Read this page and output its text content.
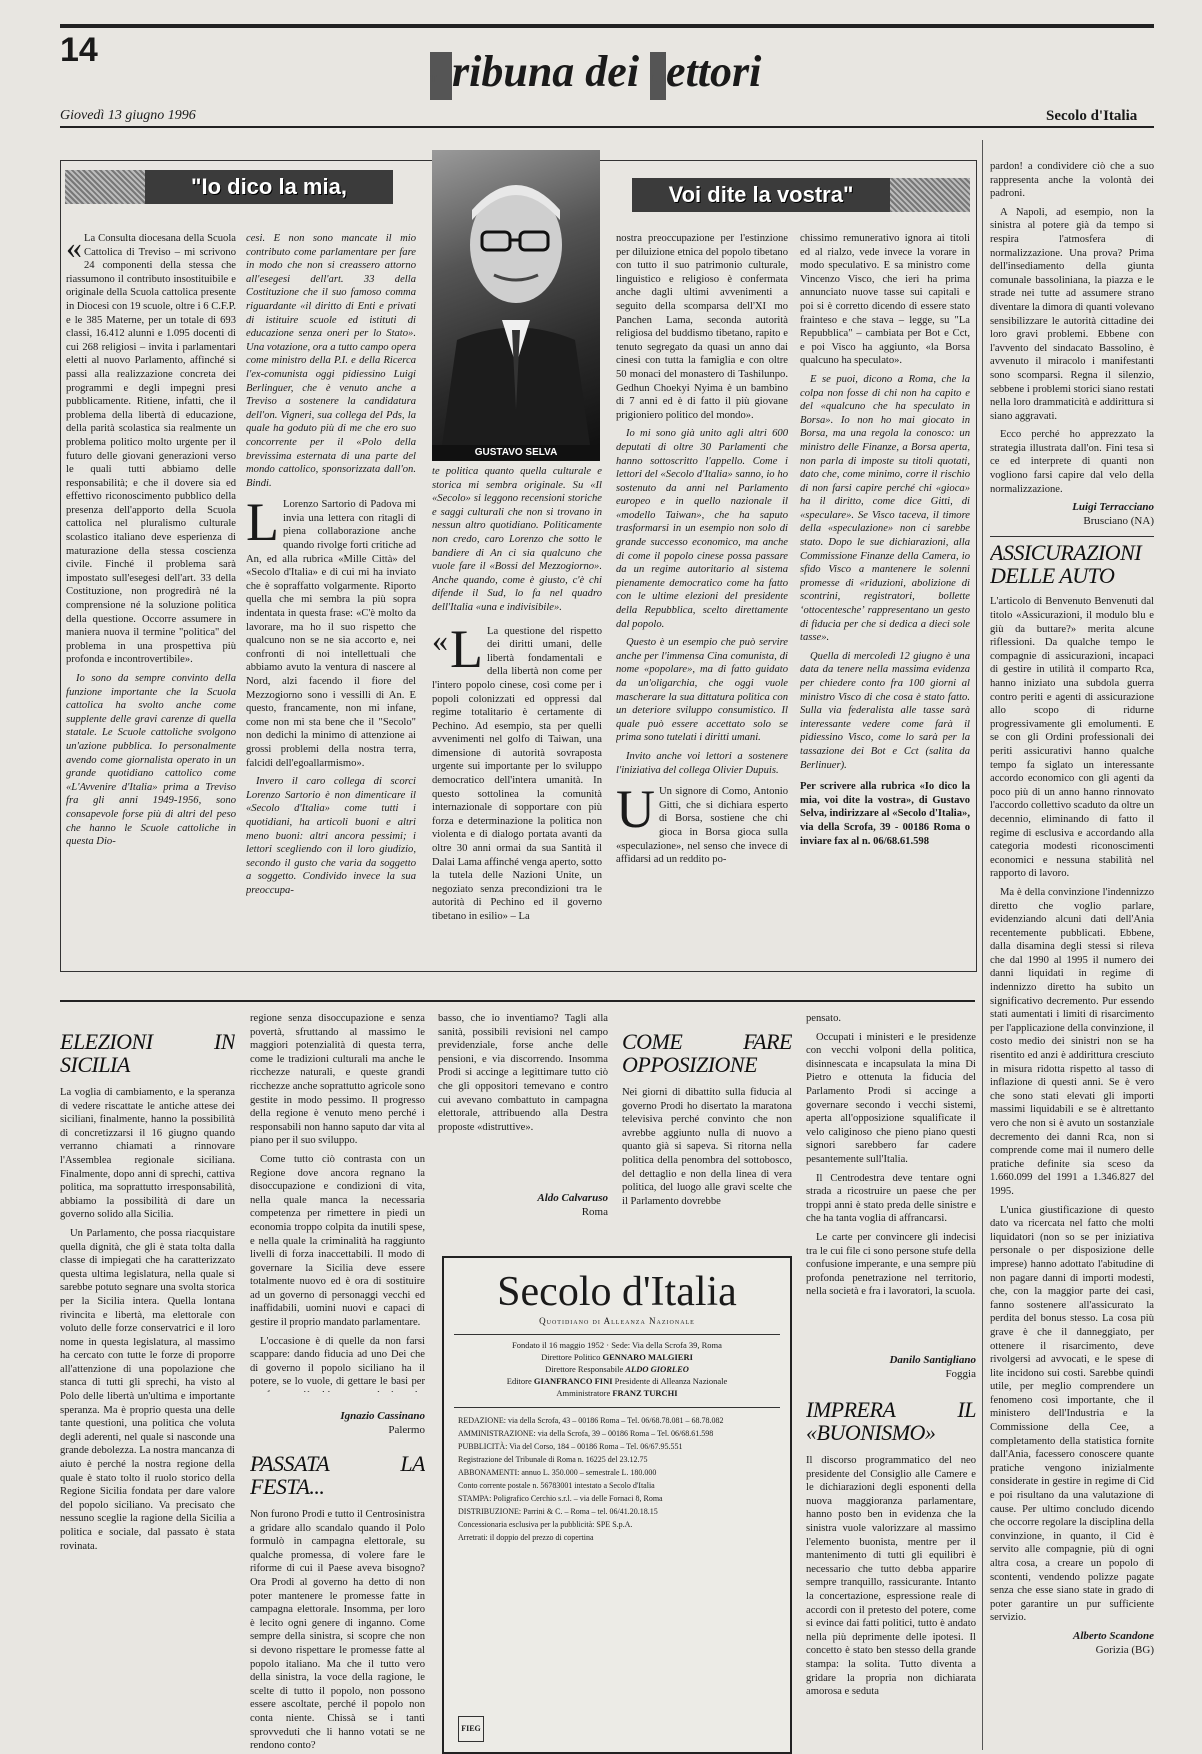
14
T ribuna dei L ettori
Giovedì 13 giugno 1996	Secolo d'Italia
"Io dico la mia,
GUSTAVO SELVA
Voi dite la vostra"

« La Consulta diocesana della Scuola Cattolica di Treviso – mi scrivono 24 componenti della stessa che riassumono il contributo insostituibile e originale della Scuola cattolica presente in Diocesi con 19 scuole, oltre i 6 C.F.P. e le 385 Materne, per un totale di 693 classi, 16.412 alunni e 1.095 docenti di cui 268 religiosi – invita i parlamentari eletti al nuovo Parlamento, affinché si passi alla realizzazione concreta dei programmi e degli impegni presi pubblicamente. Ritiene, infatti, che il problema della libertà di educazione, della parità scolastica sia realmente un problema politico molto urgente per il futuro delle giovani generazioni verso le quali tutti abbiamo delle responsabilità; e che il dovere sia ed effettivo riconoscimento pubblico della presenza dell'apporto della Scuola cattolica nel pluralismo culturale scolastico italiano deve esperienza di maturazione della stessa coscienza civile. Finché il problema sarà impostato sull'esegesi dell'art. 33 della Costituzione, non progredirà né la comprensione né la soluzione politica della questione. Occorre assumere in maniera nuova il termine "politica" del problema in una prospettiva più profonda e incontrovertibile».

Io sono da sempre convinto della funzione importante che la Scuola cattolica ha svolto anche come supplente delle gravi carenze di quella statale. Le Scuole cattoliche svolgono un'azione pubblica. Io personalmente avendo come giornalista operato in un grande quotidiano cattolico come «L'Avvenire d'Italia» prima a Treviso fra gli anni 1949-1956, sono consapevole forse più di altri del peso che hanno le Scuole cattoliche in questa Dio-

cesi. E non sono mancate il mio contributo come parlamentare per fare in modo che non si creassero attorno all'esegesi dell'art. 33 della Costituzione che il suo famoso comma riguardante «il diritto di Enti e privati di istituire scuole ed istituti di educazione senza oneri per lo Stato». Una votazione, ora a tutto campo opera come ministro della P.I. e della Ricerca l'ex-comunista oggi pidiessino Luigi Berlinguer, che è venuto anche a Treviso a sostenere la candidatura dell'on. Vigneri, sua collega del Pds, la quale ha goduto più di me che ero suo concorrente per il «Polo della brevissima esternata di una parte del mondo cattolico, sponsorizzata dall'on. Bindi.

L Lorenzo Sartorio di Padova mi invia una lettera con ritagli di piena collaborazione anche quando rivolge forti critiche ad An, ed alla rubrica «Mille Città» del «Secolo d'Italia» e di cui mi ha inviato che è sopraffatto volgarmente. Riporto quella che mi sembra la più sopra indentata in questa frase: «C'è molto da lavorare, ma ho il suo rispetto che qualcuno non se ne sia accorto e, nei confronti di noi intellettuali che abbiamo avuto la ventura di nascere al Nord, alzi facendo il fiore del Mezzogiorno sono i vessilli di An. E questo, francamente, non mi infane, come non mi sta bene che il "Secolo" non dedichi la minimo di attenzione ai grossi problemi della nostra terra, falcidi dell'egoallarmismo».

Invero il caro collega di scorci Lorenzo Sartorio è non dimenticare il «Secolo d'Italia» come tutti i quotidiani, ha articoli buoni e altri meno buoni: altri ancora pessimi; i lettori scegliendo con il loro giudizio, secondo il gusto che varia da soggetto a soggetto. Condivido invece la sua preoccupa-

te politica quanto quella culturale e storica mi sembra originale. Su «Il «Secolo» si leggono recensioni storiche e saggi culturali che non si trovano in nessun altro quotidiano. Politicamente non credo, caro Lorenzo che sotto le bandiere di An ci sia qualcuno che vuole fare il «Bossi del Mezzogiorno». Anche quando, come è giusto, c'è chi difende il Sud, lo fa nel quadro dell'Italia «una e indivisibile».

« L La questione del rispetto dei diritti umani, delle libertà fondamentali e della libertà non come per l'intero popolo cinese, così come per i popoli colonizzati ed oppressi dal regime totalitario è certamente di Pechino. Ad esempio, sta per quelli avvenimenti nel golfo di Taiwan, una dimensione di autorità sovraposta urgente sui importante per lo sviluppo democratico dell'intera umanità. In questo sottolinea la comunità internazionale di sopportare con più forza e determinazione la politica non violenta e di dialogo portata avanti da oltre 30 anni ormai da sua Santità il Dalai Lama affinché venga aperto, sotto la tutela delle Nazioni Unite, un negoziato senza precondizioni tra le autorità di Pechino ed il governo tibetano in esilio» – La

nostra preoccupazione per l'estinzione per diluizione etnica del popolo tibetano con tutto il suo patrimonio culturale, linguistico e religioso è confermata anche dagli ultimi avvenimenti a seguito della scomparsa dell'XI mo Panchen Lama, seconda autorità religiosa del buddismo tibetano, rapito e tenuto segregato da quasi un anno dai cinesi con tutta la famiglia e con oltre 50 monaci del monastero di Tashilunpo. Gedhun Choekyi Nyima è un bambino di 7 anni ed è di fatto il più giovane prigioniero politico del mondo».

Io mi sono già unito agli altri 600 deputati di oltre 30 Parlamenti che hanno sottoscritto l'appello. Come i lettori del «Secolo d'Italia» sanno, io ho sostenuto da anni nel Parlamento europeo e in quello nazionale il «modello Taiwan», che ha saputo trasformarsi in un esempio non solo di grande successo economico, ma anche di come il popolo cinese possa passare da un regime autoritario al sistema pienamente democratico come ha fatto con le ultime elezioni del presidente della Repubblica, scelto direttamente dal popolo.

Questo è un esempio che può servire anche per l'immensa Cina comunista, di nome «popolare», ma di fatto guidato da un'oligarchia, che oggi vuole mascherare la sua dittatura politica con un deteriore sviluppo consumistico. Il quale può essere accettato solo se prima sono tutelati i diritti umani.

Invito anche voi lettori a sostenere l'iniziativa del collega Olivier Dupuis.

U Un signore di Como, Antonio Gitti, che si dichiara esperto di Borsa, sostiene che chi gioca in Borsa gioca sulla «speculazione», nel senso che invece di affidarsi ad un reddito po-

chissimo remunerativo ignora ai titoli ed al rialzo, vede invece la vorare in modo speculativo. E sa ministro come Vincenzo Visco, che ieri ha prima annunciato nuove tasse sui capitali e poi si è corretto dicendo di essere stato frainteso e che stava – legge, su "La Repubblica" – cambiata per Bot e Cct, e poi Visco ha aggiunto, «la Borsa qualcuno ha speculato».

E se puoi, dicono a Roma, che la colpa non fosse di chi non ha capito e del «qualcuno che ha speculato in Borsa». Io non ho mai giocato in Borsa, ma una regola la conosco: un ministro delle Finanze, a Borsa aperta, non parla di imposte su titoli quotati, dato che, come minimo, corre il rischio di non farsi capire perché chi «gioca» ha il diritto, come dice Gitti, di «speculare». Se Visco taceva, il timore della «speculazione» non ci sarebbe stato. Dopo le sue dichiarazioni, alla Commissione Finanze della Camera, io sfido Visco a mantenere le solenni promesse di «riduzioni, abolizione di scontrini, registratori, bollette ‘ottocentesche’ rappresentano un gesto di fiducia per che si dedica a dieci sole tasse».

Quella di mercoledì 12 giugno è una data da tenere nella massima evidenza per chiedere conto fra 100 giorni al ministro Visco di che cosa è stato fatto. Sulla via federalista alle tasse sarà interessante vedere come farà il pidiessino Visco, come lo sarà per la tassazione dei Bot e Cct (salita da Berlinuer).

Per scrivere alla rubrica «Io dico la mia, voi dite la vostra», di Gustavo Selva, indirizzare al «Secolo d'Italia», via della Scrofa, 39 - 00186 Roma o inviare fax al n. 06/68.61.598

pardon! a condividere ciò che a suo rappresenta anche la volontà dei padroni.

A Napoli, ad esempio, non la sinistra al potere già da tempo si respira l'atmosfera di normalizzazione. Una prova? Prima dell'insediamento della giunta comunale bassoliniana, la piazza e le strade nei tutte ad assumere strano diventare la dimora di quanti volevano sensibilizzare le autorità cittadine dei loro gravi problemi. Ebbene con l'avvento del sindacato Bassolino, è avvenuto il miracolo i manifestanti sono scomparsi. Regna il silenzio, sebbene i problemi storici siano restati nella loro drammaticità e addirittura si siano aggravati.

Ecco perché ho apprezzato la strategia illustrata dall'on. Fini tesa sì ce ed interprete di quanti non vogliono farsi capire dal velo della normalizzazione.

Luigi Terracciano
Brusciano (NA)
ASSICURAZIONI DELLE AUTO

L'articolo di Benvenuto Benvenuti dal titolo «Assicurazioni, il modulo blu e giù da buttare?» merita alcune riflessioni. Da qualche tempo le compagnie di assicurazioni, incapaci di gestire in utilità il comparto Rca, hanno iniziato una subdola guerra contro periti e agenti di assicurazione allo scopo di ridurne progressivamente gli emolumenti. E se con gli Ordini professionali dei periti assicurativi hanno qualche tempo fa siglato un interessante accordo economico con gli agenti da poco più di un anno hanno rinnovato l'accordo collettivo scaduto da oltre un decennio, eliminando di fatto il regime di esclusiva e accordando alla categoria modesti riconoscimenti economici e nessuna stabilità nel rapporto di lavoro.

Ma è della convinzione l'indennizzo diretto che voglio parlare, evidenziando alcuni dati dell'Ania recentemente pubblicati. Ebbene, dalla disamina degli stessi si rileva che dal 1990 al 1995 il numero dei danni liquidati in regime di indennizzo diretto ha subito un significativo decremento. Pur essendo stati aumentati i limiti di risarcimento per l'applicazione della convinzione, il costo medio dei sinistri non se ha risentito ed anzi è addirittura cresciuto in misura ridotta rispetto al tasso di inflazione di questi anni. Se è vero che sono stati elevati gli importi massimi liquidabili e se è altrettanto vero che non si è avuto un sostanziale decremento dei danni Rca, non si comprende come mai il numero delle pratiche definite sia sceso da 1.660.099 del 1991 a 1.346.827 del 1995.

L'unica giustificazione di questo dato va ricercata nel fatto che molti liquidatori (non so se per iniziativa personale o per disposizione delle imprese) hanno adottato l'abitudine di non pagare danni di importi modesti, che, con la maggior parte dei casi, fanno sostenere all'assicurato la perdita del bonus stesso. La cosa più grave è che il danneggiato, per ottenere il risarcimento, deve rivolgersi ad avvocati, e le spese di lite incidono sui costi. Sarebbe quindi utile, per meglio comprendere un fenomeno così importante, che il ministero dell'Industria e la Commissione della Cee, a completamento della statistica fornite dall'Ania, facessero conoscere quante pratiche vengono inizialmente considerate in gestire in regime di Cid e poi risultano da una valutazione di cause. Per ultimo concludo dicendo che occorre regolare la disciplina della convinzione, in quanto, il Cid è servito alle compagnie, più di ogni altra cosa, a creare un popolo di scontenti, vendendo polizze pagate senza che esse siano state in grado di poter garantire un pur sufficiente servizio.

Alberto Scandone
Gorizia (BG)
ELEZIONI IN SICILIA

La voglia di cambiamento, e la speranza di vedere riscattate le antiche attese dei siciliani, finalmente, hanno la possibilità di concretizzarsi il 16 giugno quando verranno chiamati a rinnovare l'Assemblea regionale siciliana. Finalmente, dopo anni di sprechi, cattiva politica, ma soprattutto irresponsabilità, abbiamo la possibilità di dare un governo solido alla Sicilia.

Un Parlamento, che possa riacquistare quella dignità, che gli è stata tolta dalla classe di impiegati che ha caratterizzato questa ultima legislatura, nella quale si sarebbe potuto segnare una svolta storica per la Sicilia intera. Quella lontana rivincita e libertà, ma elettorale con voluto delle forze conservatrici e il loro nome in questa legislatura, al massimo ha cercato con tutte le forze di proporre all'attenzione di una popolazione che stanca di tutti gli sprechi, ha visto al Polo delle libertà un'ultima e importante speranza. Ma è proprio questa una delle tante questioni, una politica che voluta degli aderenti, nel quale si nasconde una grande debolezza. La nostra mancanza di aiuto è perché la nostra regione della quale è stato tolto il ruolo storico della Regione Sicilia fondata per dare valore del popolo siciliano. Va precisato che nessuno sceglie la ragione della Sicilia a politica e sociale, dal passato è stata rovinata.

regione senza disoccupazione e senza povertà, sfruttando al massimo le maggiori potenzialità di questa terra, come le tradizioni culturali ma anche le ricchezze naturali, e queste grandi ricchezze anche soprattutto agricole sono gestite in modo pessimo. Il progresso della regione è venuto meno perché i responsabili non hanno saputo dar vita al piano per il suo sviluppo.

Come tutto ciò contrasta con un Regione dove ancora regnano la disoccupazione e condizioni di vita, nella quale manca la necessaria competenza per rimettere in piedi un economia troppo colpita da inutili spese, e nella quale la criminalità ha raggiunto livelli di forza inaccettabili. Il modo di governare la Sicilia deve essere totalmente nuovo ed è ora di sostituire ad un governo di personaggi vecchi ed inaffidabili, uomini nuovi e capaci di gestire il proprio mandato parlamentare.

L'occasione è di quelle da non farsi scappare: dando fiducia ad uno Dei che di governo il popolo siciliano ha il potere, se lo vuole, di gettare le basi per

Ignazio Cassinano
Palermo
PASSATA LA FESTA...

Non furono Prodi e tutto il Centrosinistra a gridare allo scandalo quando il Polo formulò in campagna elettorale, su qualche promessa, di volere fare le riforme di cui il Paese aveva bisogno? Ora Prodi al governo ha detto di non poter mantenere le promesse fatte in campagna elettorale. Insomma, per loro è lecito ogni genere di inganno. Come sempre della sinistra, si scopre che non si devono rispettare le promesse fatte al popolo italiano. Ma che il tutto vero della sinistra, la voce della ragione, le scelte di tutto il popolo, non possono essere ascoltate, perché il popolo non conta niente. Chissà se i tanti sprovveduti che li hanno votati se ne rendono conto?

basso, che io inventiamo? Tagli alla sanità, possibili revisioni nel campo previdenziale, forse anche delle pensioni, e via discorrendo. Insomma Prodi si accinge a legittimare tutto ciò che gli oppositori temevano e contro cui avevano combattuto in campagna elettorale, attribuendo alla Destra proposte «distruttive».

Aldo Calvaruso
Roma
COME FARE OPPOSIZIONE

Nei giorni di dibattito sulla fiducia al governo Prodi ho disertato la maratona televisiva perché convinto che non avrebbe aggiunto nulla di nuovo a quanto già si sapeva. Si ritorna nella politica della penombra del sottobosco, del dettaglio e non della linea di vera politica, del luogo alle gravi scelte che il Parlamento dovrebbe

Secolo d'Italia
Quotidiano di Alleanza Nazionale
Fondato il 16 maggio 1952 · Sede: Via della Scrofa 39, Roma
Direttore Politico GENNARO MALGIERI
Direttore Responsabile ALDO GIORLEO
Editore GIANFRANCO FINI Presidente di Alleanza Nazionale
Amministratore FRANZ TURCHI
REDAZIONE: via della Scrofa, 43 – 00186 Roma – Tel. 06/68.78.081 – 68.78.082
AMMINISTRAZIONE: via della Scrofa, 39 – 00186 Roma – Tel. 06/68.61.598
PUBBLICITÀ: Via del Corso, 184 – 00186 Roma – Tel. 06/67.95.551
Registrazione del Tribunale di Roma n. 16225 del 23.12.75
ABBONAMENTI: annuo L. 350.000 – semestrale L. 180.000
Conto corrente postale n. 56783001 intestato a Secolo d'Italia
STAMPA: Poligrafico Cerchio s.r.l. – via delle Fornaci 8, Roma
DISTRIBUZIONE: Parrini & C. – Roma – tel. 06/41.20.18.15
Concessionaria esclusiva per la pubblicità: SPE S.p.A.
Arretrati: il doppio del prezzo di copertina
FIEG

pensato.

Occupati i ministeri e le presidenze con vecchi volponi della politica, disinnescata e incapsulata la mina Di Pietro e ottenuta la fiducia del Parlamento Prodi si accinge a governare secondo i vecchi sistemi, aperta all'opposizione squalificate il velo caliginoso che pieno piano questi signori sarebbero far cadere pesantemente sull'Italia.

Il Centrodestra deve tentare ogni strada a ricostruire un paese che per troppi anni è stato preda delle sinistre e che ha tanta voglia di affrancarsi.

Le carte per convincere gli indecisi tra le cui file ci sono persone stufe della confusione imperante, e una sempre più profonda penetrazione nel territorio, nella società e fra i lavoratori, la scuola.

Danilo Santigliano
Foggia
IMPRERA IL «BUONISMO»

Il discorso programmatico del neo presidente del Consiglio alle Camere e le dichiarazioni degli esponenti della nuova maggioranza parlamentare, hanno posto ben in evidenza che la sinistra vuole valorizzare al massimo l'elemento buonista, mentre per il mantenimento di tutti gli equilibri è necessario che tutto debba apparire sempre tranquillo, rassicurante. Intanto la concertazione, espressione reale di accordi con il pretesto del potere, come si evince dai fatti politici, tutto è andato nella più deprimente delle ipotesi. Il concetto è stato ben stesso della grande stampa: la solita. Tutto diventa a gridare la propria non dichiarata amorosa e seduta
